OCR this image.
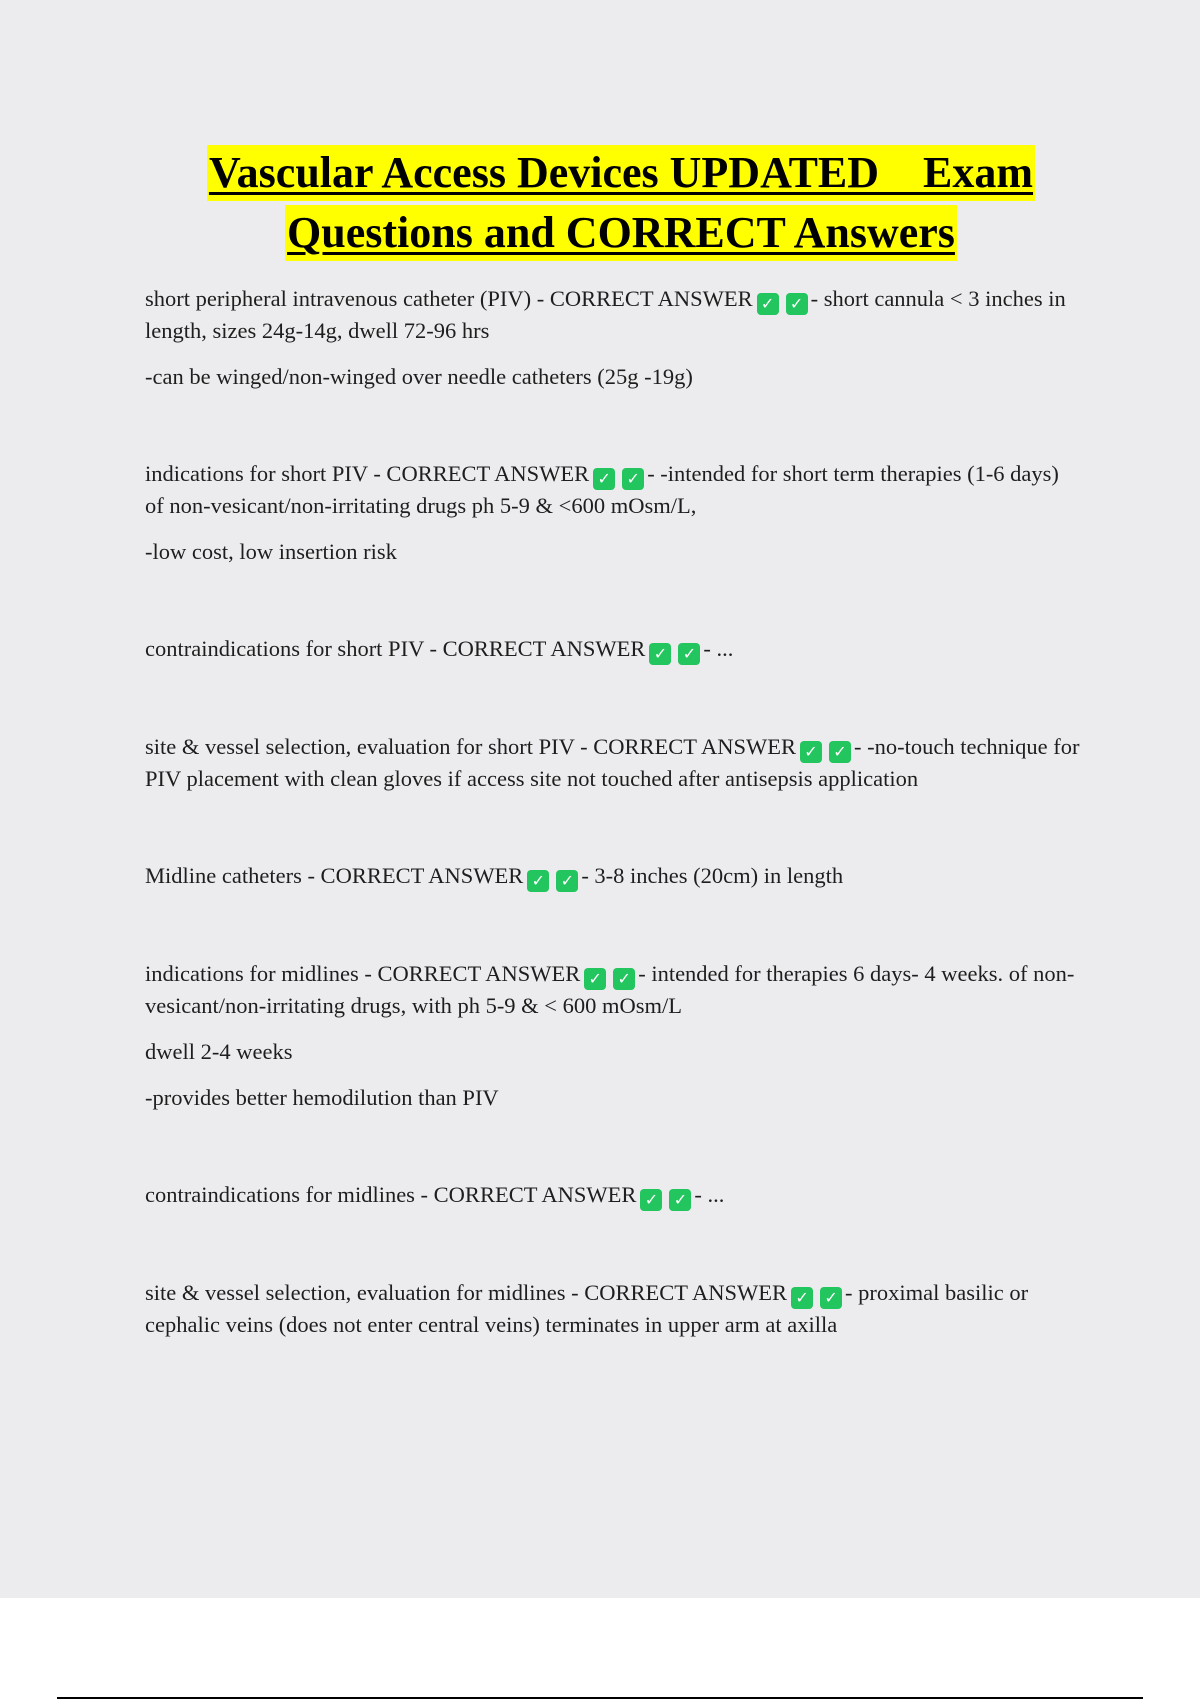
Vascular Access Devices UPDATED    Exam
Questions and CORRECT Answers

short peripheral intravenous catheter (PIV) - CORRECT ANSWER ✓ ✓ - short cannula < 3 inches in length, sizes 24g-14g, dwell 72-96 hrs

-can be winged/non-winged over needle catheters (25g -19g)

indications for short PIV - CORRECT ANSWER ✓ ✓ - -intended for short term therapies (1-6 days) of non-vesicant/non-irritating drugs ph 5-9 & <600 mOsm/L,

-low cost, low insertion risk

contraindications for short PIV - CORRECT ANSWER ✓ ✓ - ...

site & vessel selection, evaluation for short PIV - CORRECT ANSWER ✓ ✓ - -no-touch technique for PIV placement with clean gloves if access site not touched after antisepsis application

Midline catheters - CORRECT ANSWER ✓ ✓ - 3-8 inches (20cm) in length

indications for midlines - CORRECT ANSWER ✓ ✓ - intended for therapies 6 days- 4 weeks. of non-vesicant/non-irritating drugs, with ph 5-9 & < 600 mOsm/L

dwell 2-4 weeks

-provides better hemodilution than PIV

contraindications for midlines - CORRECT ANSWER ✓ ✓ - ...

site & vessel selection, evaluation for midlines - CORRECT ANSWER ✓ ✓ - proximal basilic or cephalic veins (does not enter central veins) terminates in upper arm at axilla
